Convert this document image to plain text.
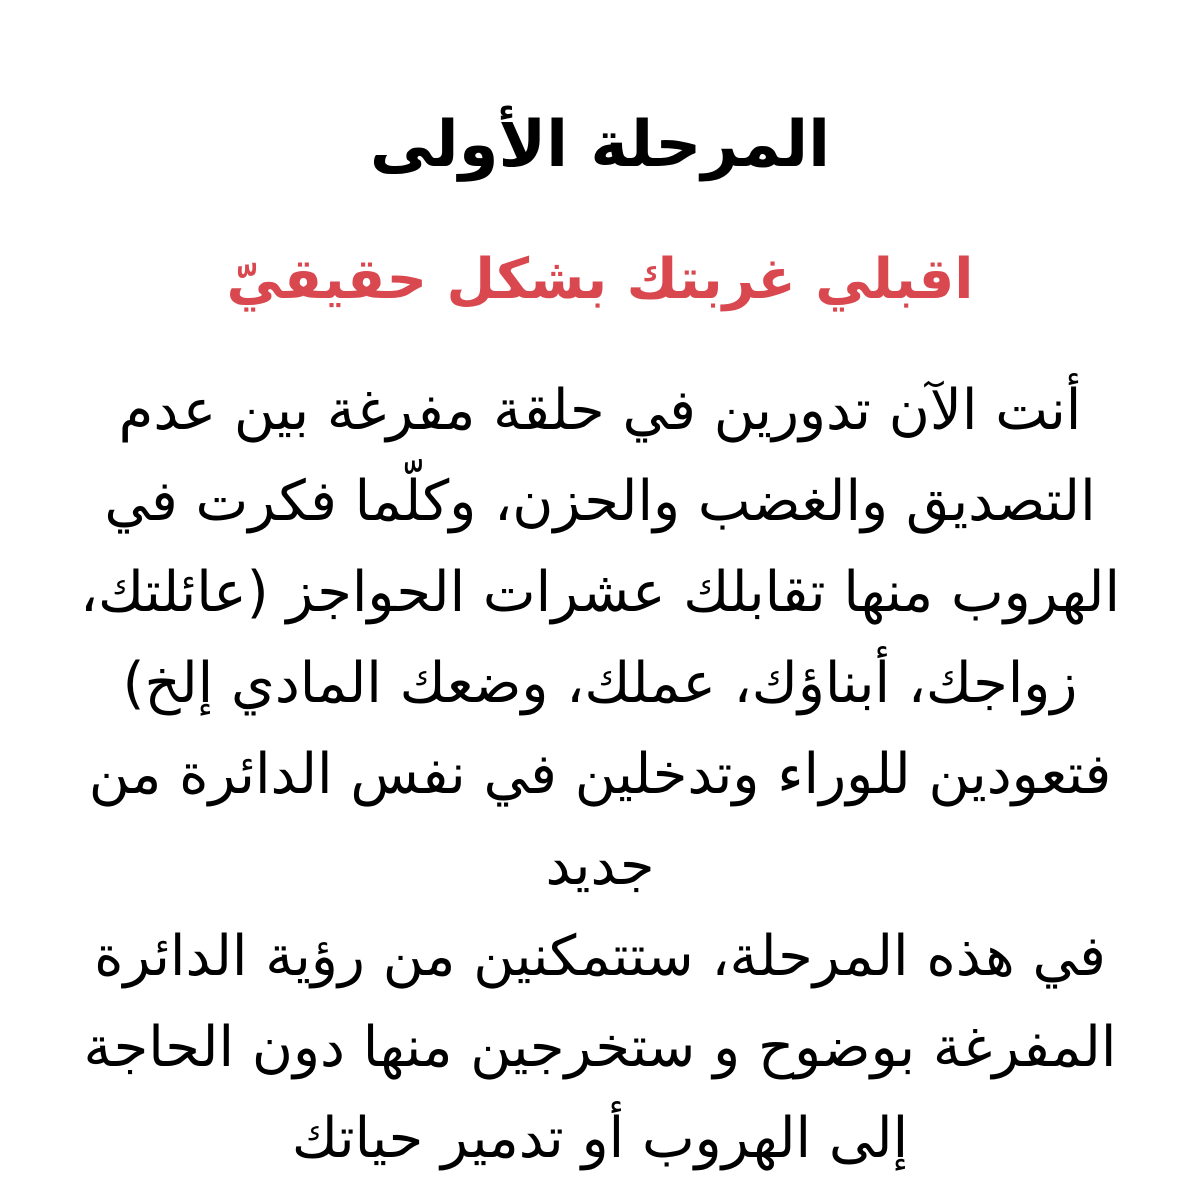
المرحلة الأولى
اقبلي غربتك بشكل حقيقيّ
أنت الآن تدورين في حلقة مفرغة بين عدم
التصديق والغضب والحزن، وكلّما فكرت في
الهروب منها تقابلك عشرات الحواجز (عائلتك،
زواجك، أبناؤك، عملك، وضعك المادي إلخ)
فتعودين للوراء وتدخلين في نفس الدائرة من
جديد
في هذه المرحلة، ستتمكنين من رؤية الدائرة
المفرغة بوضوح و ستخرجين منها دون الحاجة
إلى الهروب أو تدمير حياتك
